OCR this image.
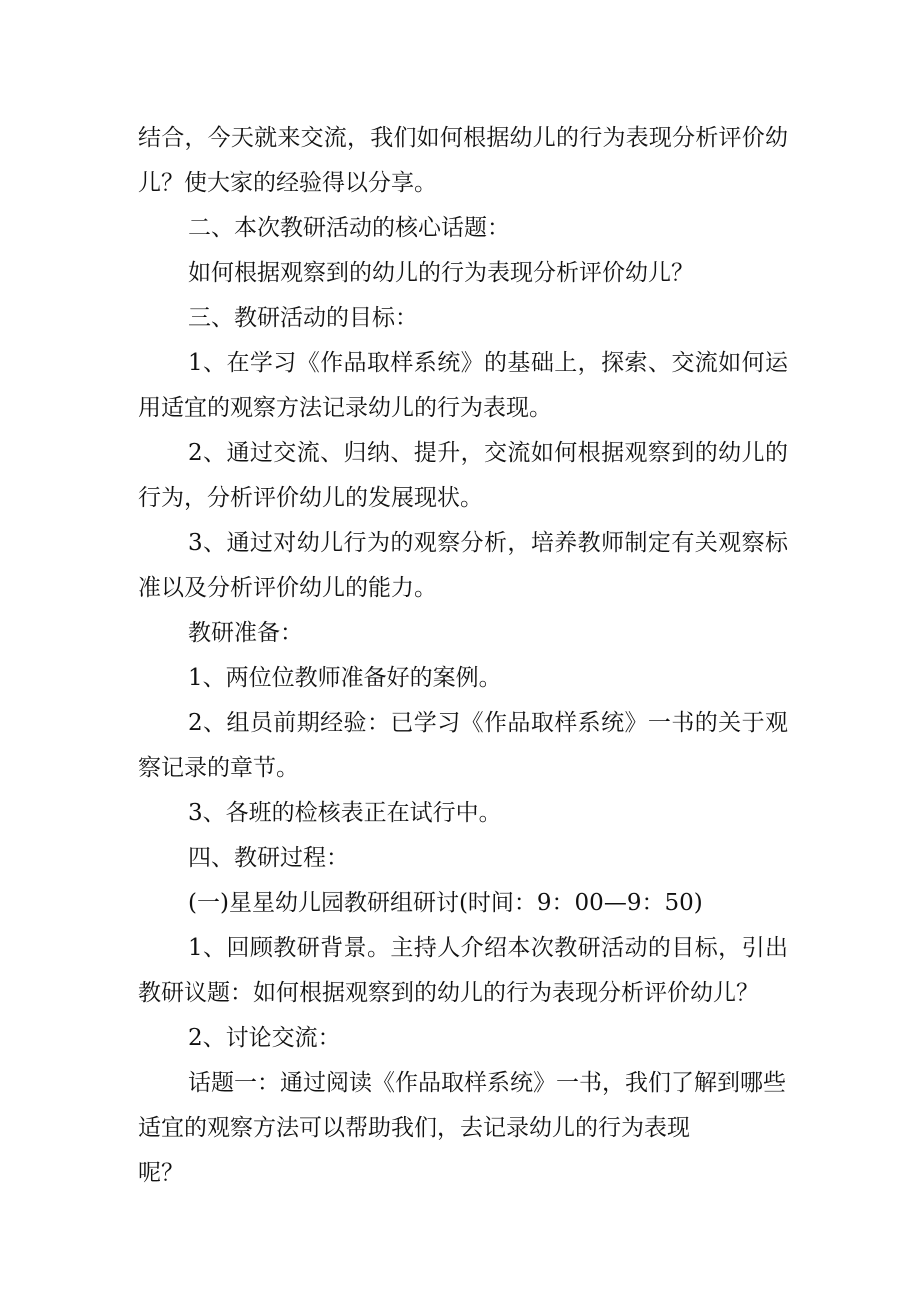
结合，今天就来交流，我们如何根据幼儿的行为表现分析评价幼儿？使大家的经验得以分享。

二、本次教研活动的核心话题：

如何根据观察到的幼儿的行为表现分析评价幼儿？

三、教研活动的目标：

1、在学习《作品取样系统》的基础上，探索、交流如何运用适宜的观察方法记录幼儿的行为表现。

2、通过交流、归纳、提升，交流如何根据观察到的幼儿的行为，分析评价幼儿的发展现状。

3、通过对幼儿行为的观察分析，培养教师制定有关观察标准以及分析评价幼儿的能力。

教研准备：

1、两位位教师准备好的案例。

2、组员前期经验：已学习《作品取样系统》一书的关于观察记录的章节。

3、各班的检核表正在试行中。

四、教研过程：

(一)星星幼儿园教研组研讨(时间：9：00—9：50)

1、回顾教研背景。主持人介绍本次教研活动的目标，引出教研议题：如何根据观察到的幼儿的行为表现分析评价幼儿？

2、讨论交流：

话题一：通过阅读《作品取样系统》一书，我们了解到哪些适宜的观察方法可以帮助我们，去记录幼儿的行为表现

呢？
